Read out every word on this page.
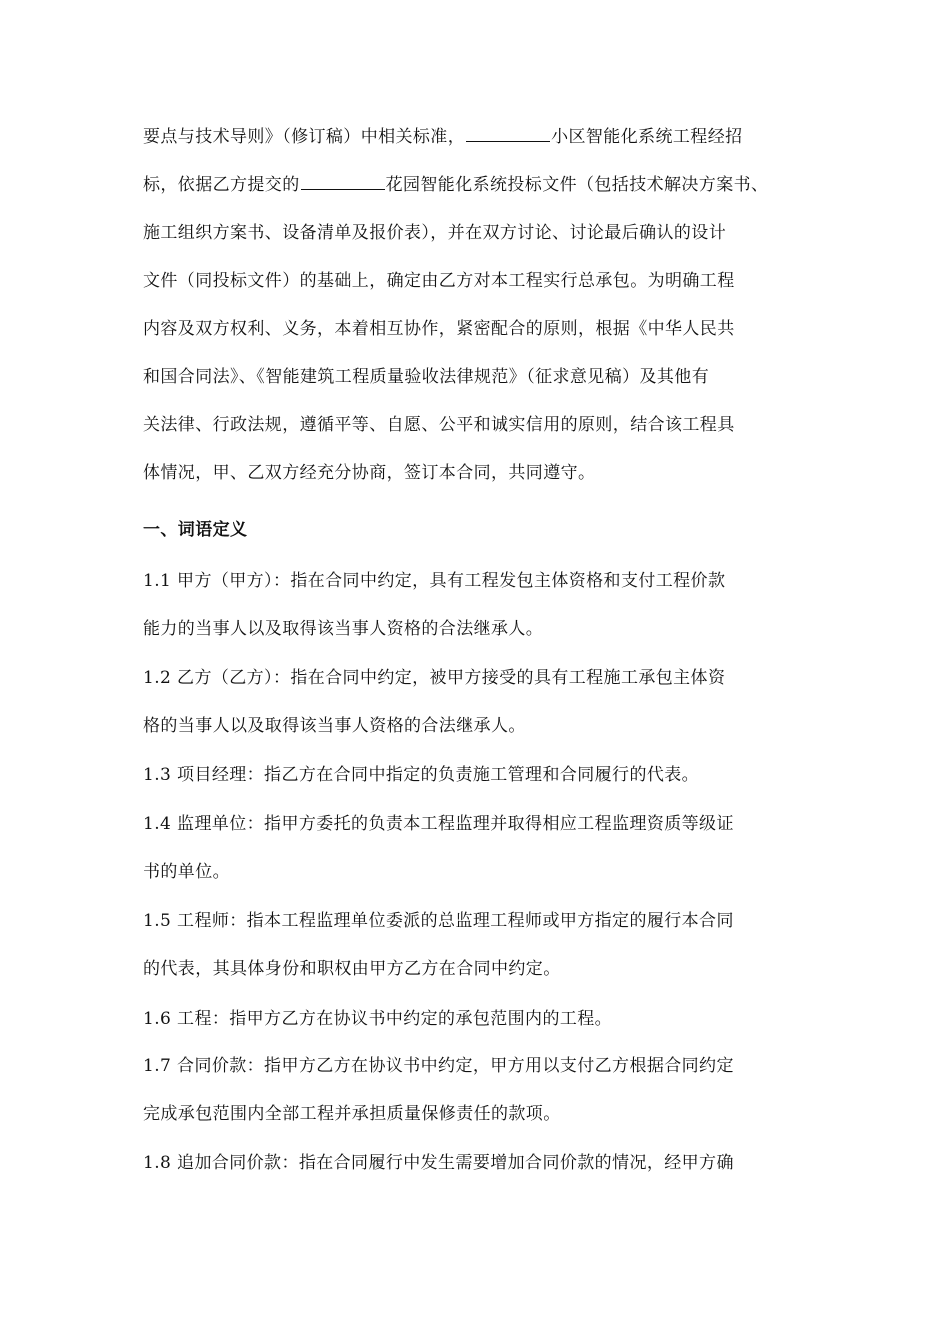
要点与技术导则》（修订稿）中相关标准，	小区智能化系统工程经招
标，依据乙方提交的	花园智能化系统投标文件（包括技术解决方案书、
施工组织方案书、设备清单及报价表），并在双方讨论、讨论最后确认的设计
文件（同投标文件）的基础上，确定由乙方对本工程实行总承包。为明确工程
内容及双方权利、义务，本着相互协作，紧密配合的原则，根据《中华人民共
和国合同法》、《智能建筑工程质量验收法律规范》（征求意见稿）及其他有
关法律、行政法规，遵循平等、自愿、公平和诚实信用的原则，结合该工程具
体情况，甲、乙双方经充分协商，签订本合同，共同遵守。
一、词语定义
1.1 甲方（甲方）：指在合同中约定，具有工程发包主体资格和支付工程价款
能力的当事人以及取得该当事人资格的合法继承人。
1.2 乙方（乙方）：指在合同中约定，被甲方接受的具有工程施工承包主体资
格的当事人以及取得该当事人资格的合法继承人。
1.3 项目经理：指乙方在合同中指定的负责施工管理和合同履行的代表。
1.4 监理单位：指甲方委托的负责本工程监理并取得相应工程监理资质等级证
书的单位。
1.5 工程师：指本工程监理单位委派的总监理工程师或甲方指定的履行本合同
的代表，其具体身份和职权由甲方乙方在合同中约定。
1.6 工程：指甲方乙方在协议书中约定的承包范围内的工程。
1.7 合同价款：指甲方乙方在协议书中约定，甲方用以支付乙方根据合同约定
完成承包范围内全部工程并承担质量保修责任的款项。
1.8 追加合同价款：指在合同履行中发生需要增加合同价款的情况，经甲方确
